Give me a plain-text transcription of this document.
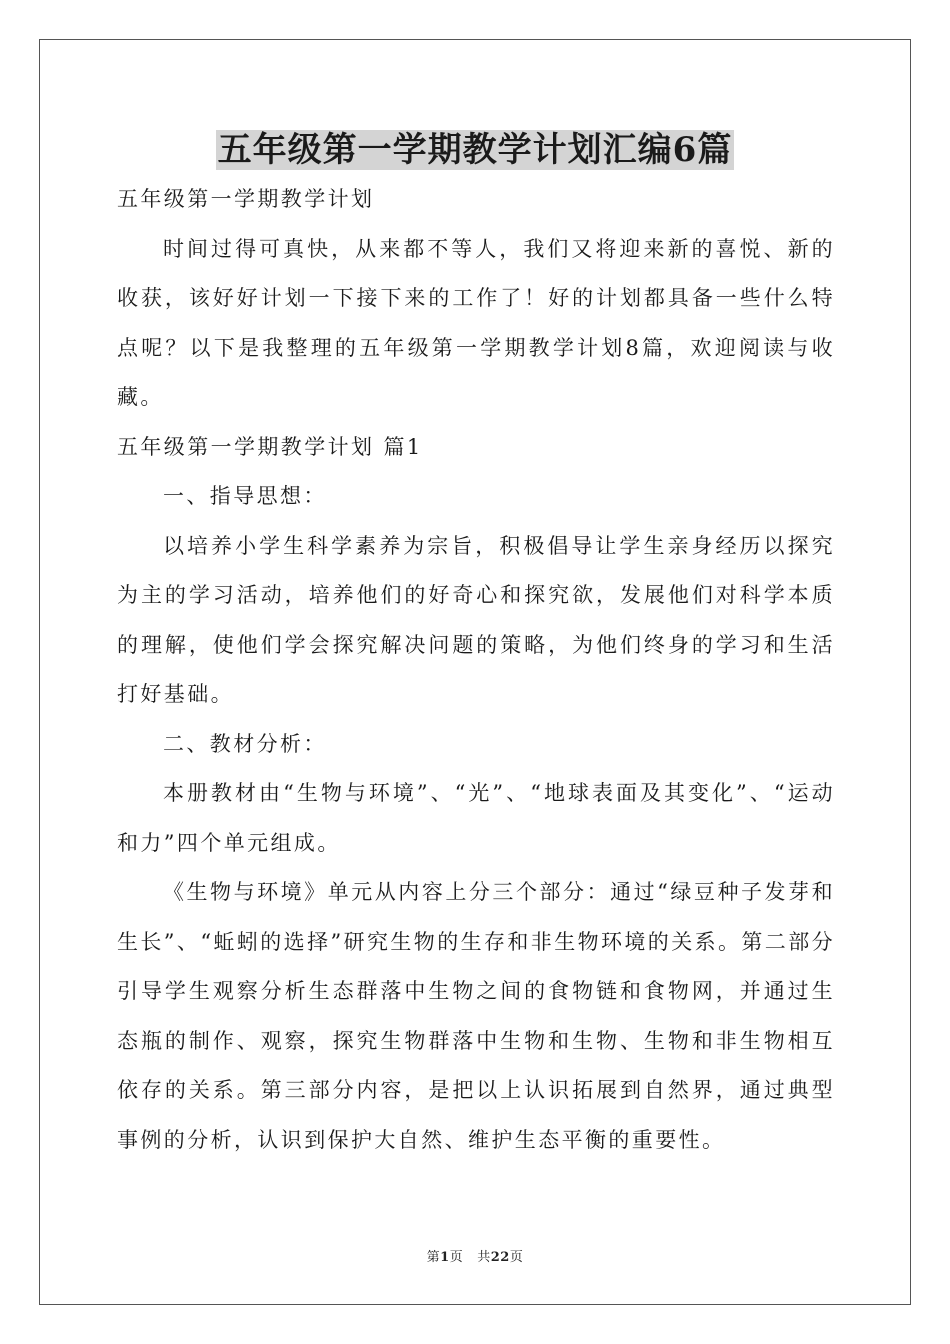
五年级第一学期教学计划汇编6篇

五年级第一学期教学计划

时间过得可真快，从来都不等人，我们又将迎来新的喜悦、新的收获，该好好计划一下接下来的工作了！好的计划都具备一些什么特点呢？以下是我整理的五年级第一学期教学计划8篇，欢迎阅读与收藏。

五年级第一学期教学计划 篇1

一、指导思想：

以培养小学生科学素养为宗旨，积极倡导让学生亲身经历以探究为主的学习活动，培养他们的好奇心和探究欲，发展他们对科学本质的理解，使他们学会探究解决问题的策略，为他们终身的学习和生活打好基础。

二、教材分析：

本册教材由“生物与环境”、“光”、“地球表面及其变化”、“运动和力”四个单元组成。

《生物与环境》单元从内容上分三个部分：通过“绿豆种子发芽和生长”、“蚯蚓的选择”研究生物的生存和非生物环境的关系。第二部分引导学生观察分析生态群落中生物之间的食物链和食物网，并通过生态瓶的制作、观察，探究生物群落中生物和生物、生物和非生物相互依存的关系。第三部分内容，是把以上认识拓展到自然界，通过典型事例的分析，认识到保护大自然、维护生态平衡的重要性。

第1页 共22页
